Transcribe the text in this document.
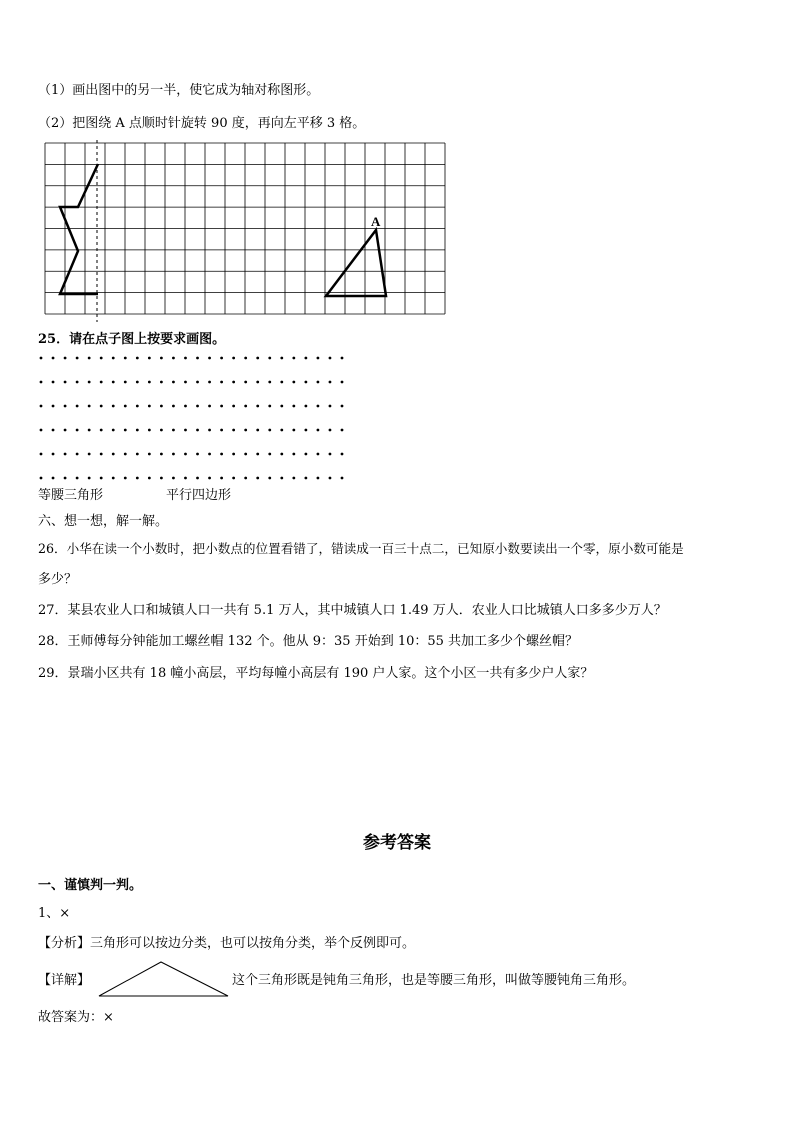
（1）画出图中的另一半，使它成为轴对称图形。
（2）把图绕 A 点顺时针旋转 90 度，再向左平移 3 格。
A
25．请在点子图上按要求画图。
等腰三角形	平行四边形
六、想一想，解一解。
26．小华在读一个小数时，把小数点的位置看错了，错读成一百三十点二，已知原小数要读出一个零，原小数可能是
多少？
27．某县农业人口和城镇人口一共有 5.1 万人，其中城镇人口 1.49 万人．农业人口比城镇人口多多少万人？
28．王师傅每分钟能加工螺丝帽 132 个。他从 9：35 开始到 10：55 共加工多少个螺丝帽？
29．景瑞小区共有 18 幢小高层，平均每幢小高层有 190 户人家。这个小区一共有多少户人家？
参考答案
一、谨慎判一判。
1、×
【分析】三角形可以按边分类，也可以按角分类，举个反例即可。
【详解】	这个三角形既是钝角三角形，也是等腰三角形，叫做等腰钝角三角形。
故答案为：×
